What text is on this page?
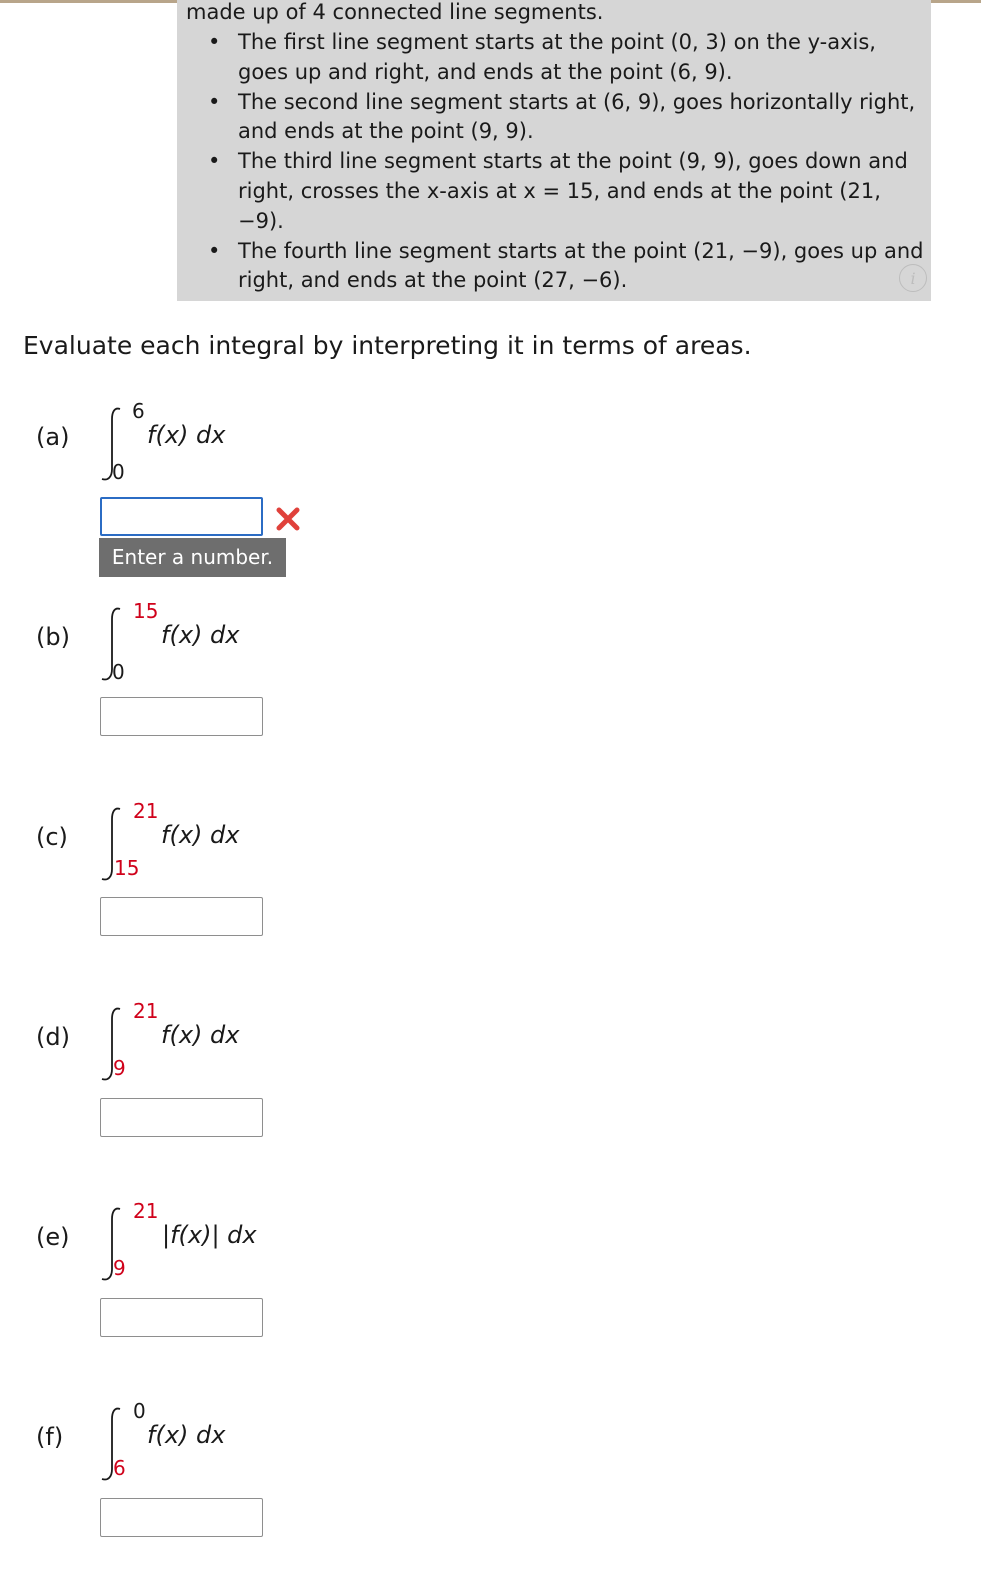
made up of 4 connected line segments.
• The first line segment starts at the point (0, 3) on the y-axis, goes up and right, and ends at the point (6, 9).
• The second line segment starts at (6, 9), goes horizontally right, and ends at the point (9, 9).
• The third line segment starts at the point (9, 9), goes down and right, crosses the x-axis at x = 15, and ends at the point (21, −9).
• The fourth line segment starts at the point (21, −9), goes up and right, and ends at the point (27, −6).	i
Evaluate each integral by interpreting it in terms of areas.
(a)
6
0
f(x) dx
Enter a number.
(b)
15
0
f(x) dx
(c)
21
15
f(x) dx
(d)
21
9
f(x) dx
(e)
21
9
|f(x)| dx
(f)
0
6
f(x) dx
